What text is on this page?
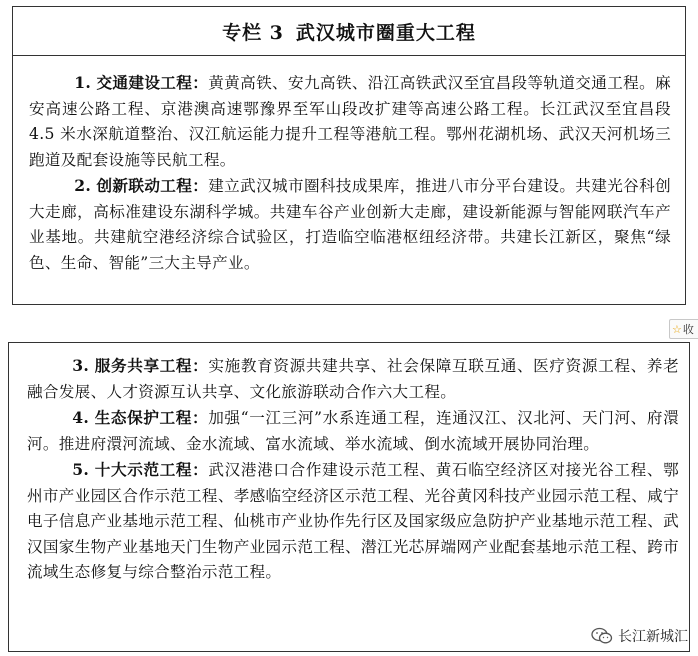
专栏 3 武汉城市圈重大工程

1. 交通建设工程：黄黄高铁、安九高铁、沿江高铁武汉至宜昌段等轨道交通工程。麻安高速公路工程、京港澳高速鄂豫界至军山段改扩建等高速公路工程。长江武汉至宜昌段 4.5 米水深航道整治、汉江航运能力提升工程等港航工程。鄂州花湖机场、武汉天河机场三跑道及配套设施等民航工程。

2. 创新联动工程：建立武汉城市圈科技成果库，推进八市分平台建设。共建光谷科创大走廊，高标准建设东湖科学城。共建车谷产业创新大走廊，建设新能源与智能网联汽车产业基地。共建航空港经济综合试验区，打造临空临港枢纽经济带。共建长江新区，聚焦“绿色、生命、智能”三大主导产业。

☆ 收

3. 服务共享工程：实施教育资源共建共享、社会保障互联互通、医疗资源工程、养老融合发展、人才资源互认共享、文化旅游联动合作六大工程。

4. 生态保护工程：加强“一江三河”水系连通工程，连通汉江、汉北河、天门河、府澴河。推进府澴河流域、金水流域、富水流域、举水流域、倒水流域开展协同治理。

5. 十大示范工程：武汉港港口合作建设示范工程、黄石临空经济区对接光谷工程、鄂州市产业园区合作示范工程、孝感临空经济区示范工程、光谷黄冈科技产业园示范工程、咸宁电子信息产业基地示范工程、仙桃市产业协作先行区及国家级应急防护产业基地示范工程、武汉国家生物产业基地天门生物产业园示范工程、潜江光芯屏端网产业配套基地示范工程、跨市流域生态修复与综合整治示范工程。

长江新城汇
